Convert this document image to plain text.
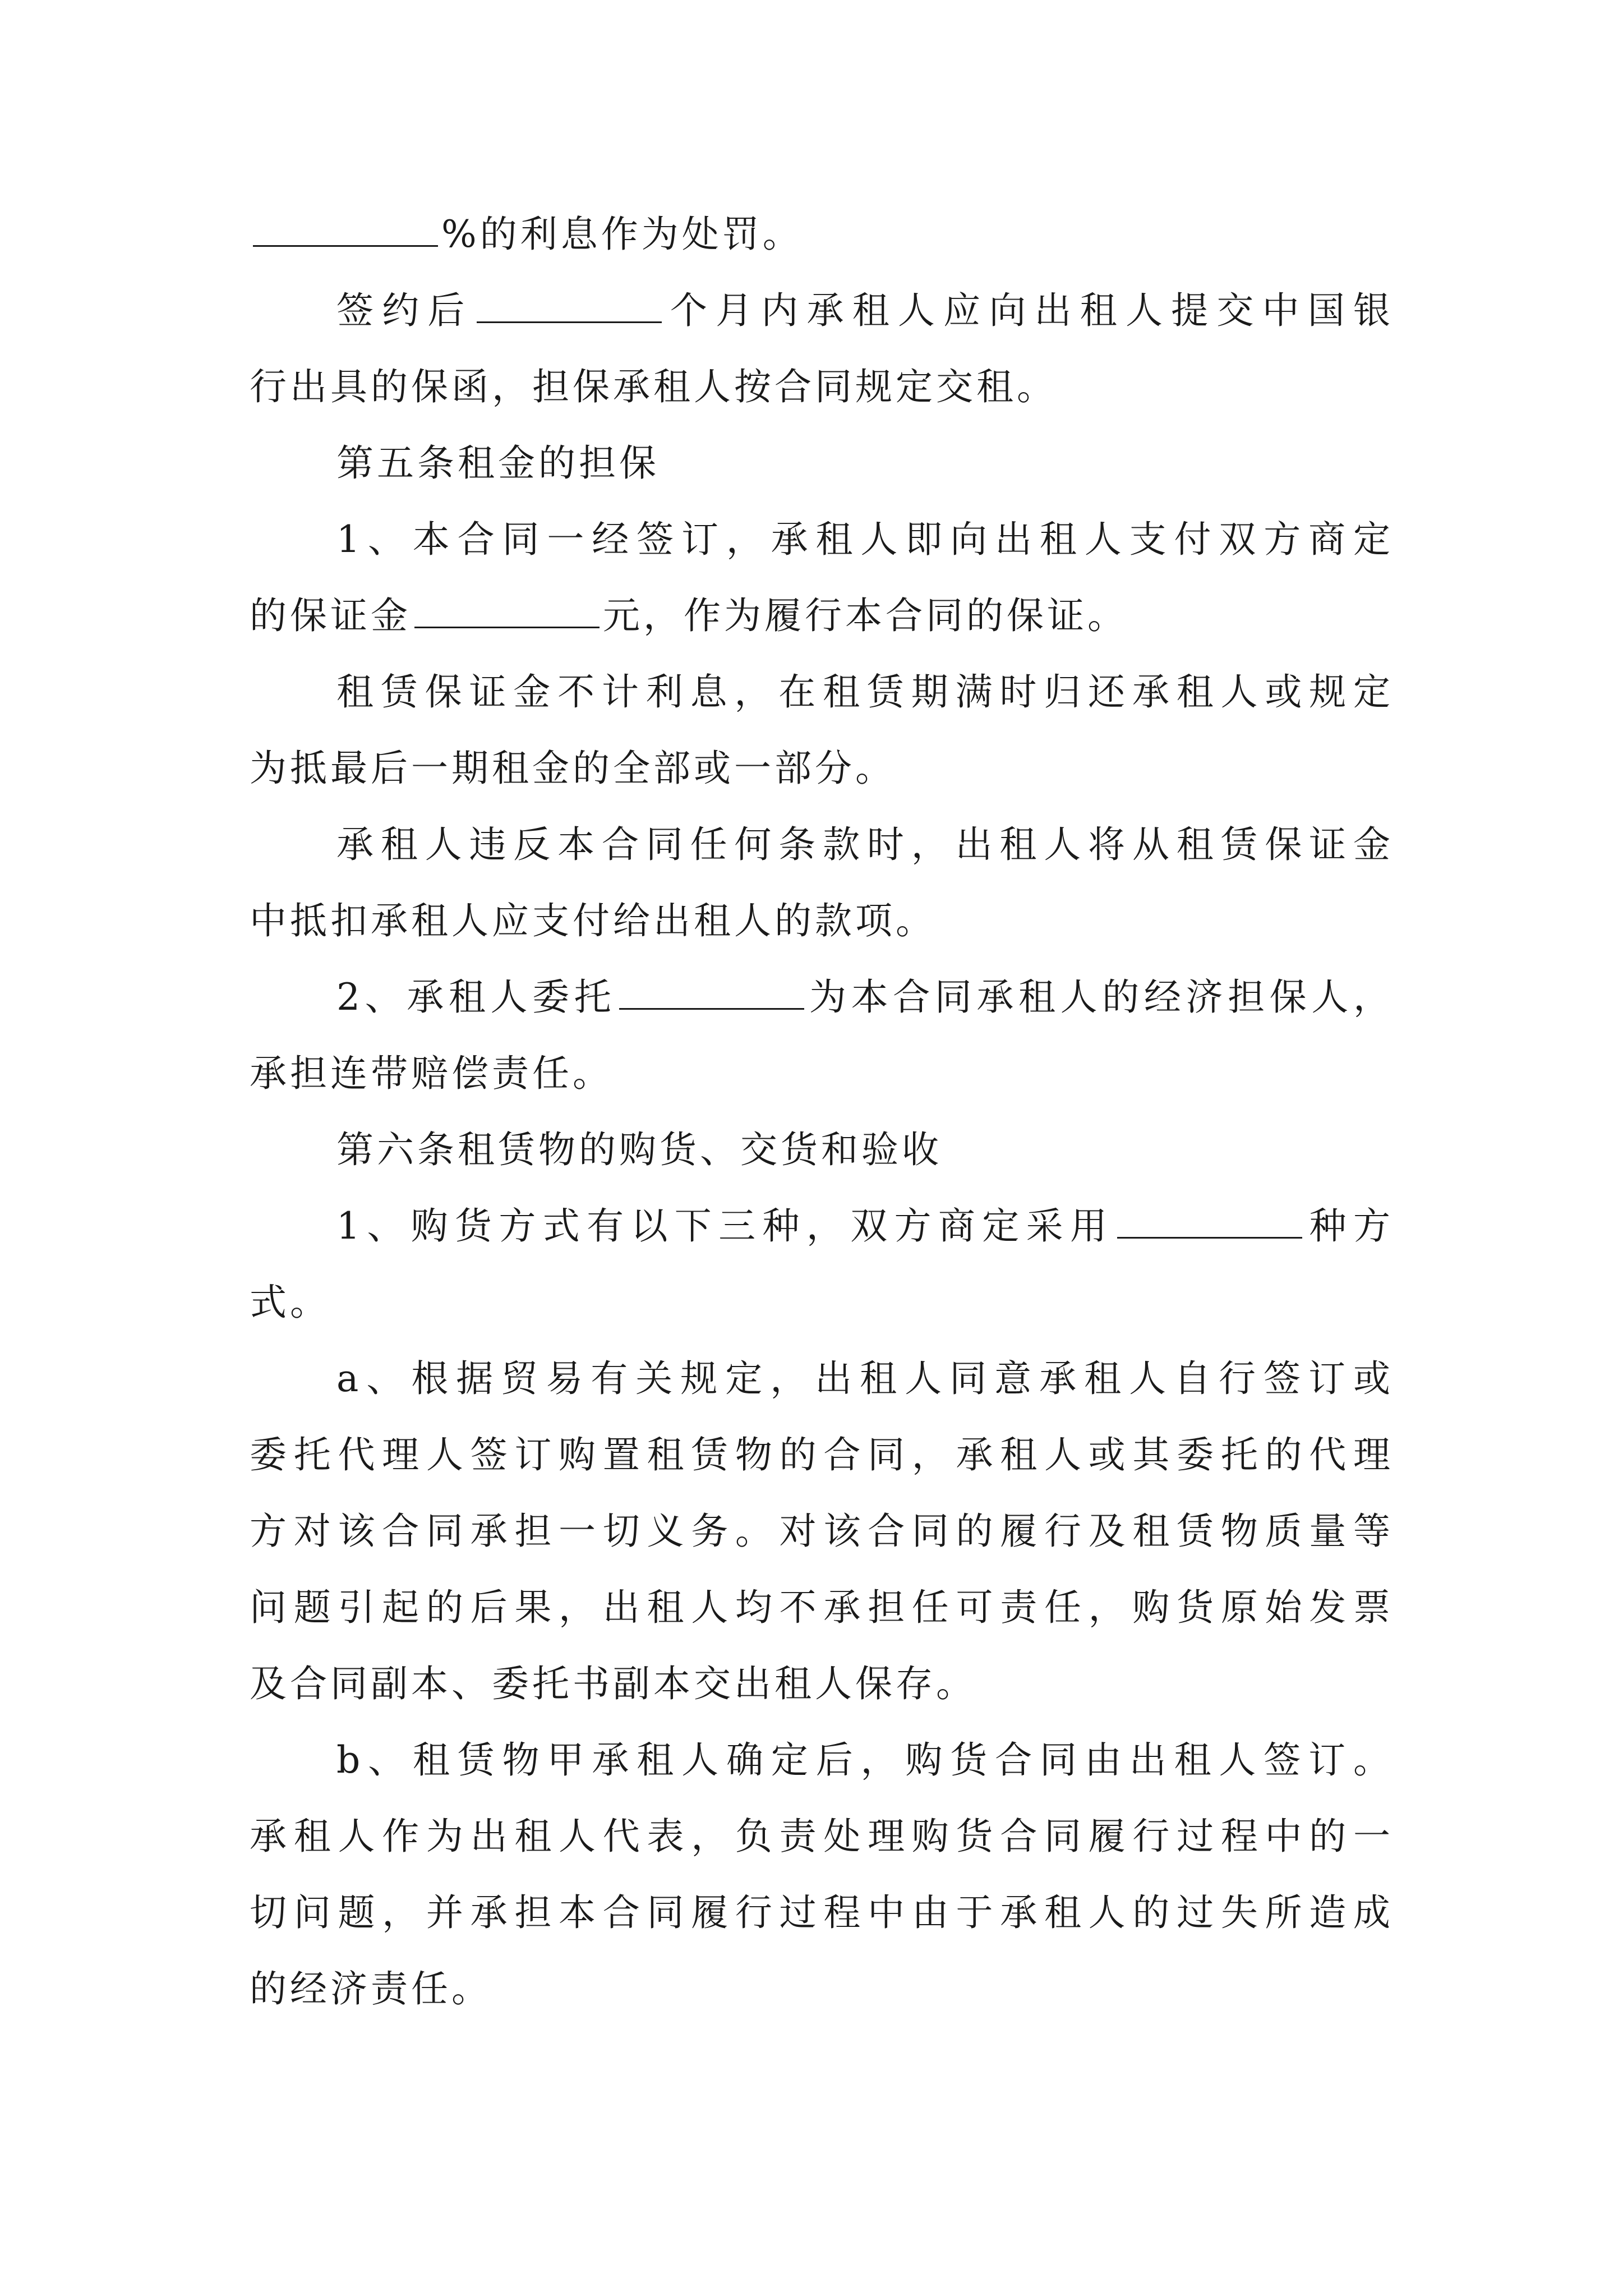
%的利息作为处罚。
签约后	个月内承租人应向出租人提交中国银
行出具的保函，担保承租人按合同规定交租。
第五条租金的担保
1、本合同一经签订，承租人即向出租人支付双方商定
的保证金	元，作为履行本合同的保证。
租赁保证金不计利息，在租赁期满时归还承租人或规定
为抵最后一期租金的全部或一部分。
承租人违反本合同任何条款时，出租人将从租赁保证金
中抵扣承租人应支付给出租人的款项。
2、承租人委托	为本合同承租人的经济担保人，
承担连带赔偿责任。
第六条租赁物的购货、交货和验收
1、购货方式有以下三种，双方商定采用	种方
式。
a、根据贸易有关规定，出租人同意承租人自行签订或
委托代理人签订购置租赁物的合同，承租人或其委托的代理
方对该合同承担一切义务。对该合同的履行及租赁物质量等
问题引起的后果，出租人均不承担任可责任，购货原始发票
及合同副本、委托书副本交出租人保存。
b、租赁物甲承租人确定后，购货合同由出租人签订。
承租人作为出租人代表，负责处理购货合同履行过程中的一
切问题，并承担本合同履行过程中由于承租人的过失所造成
的经济责任。
